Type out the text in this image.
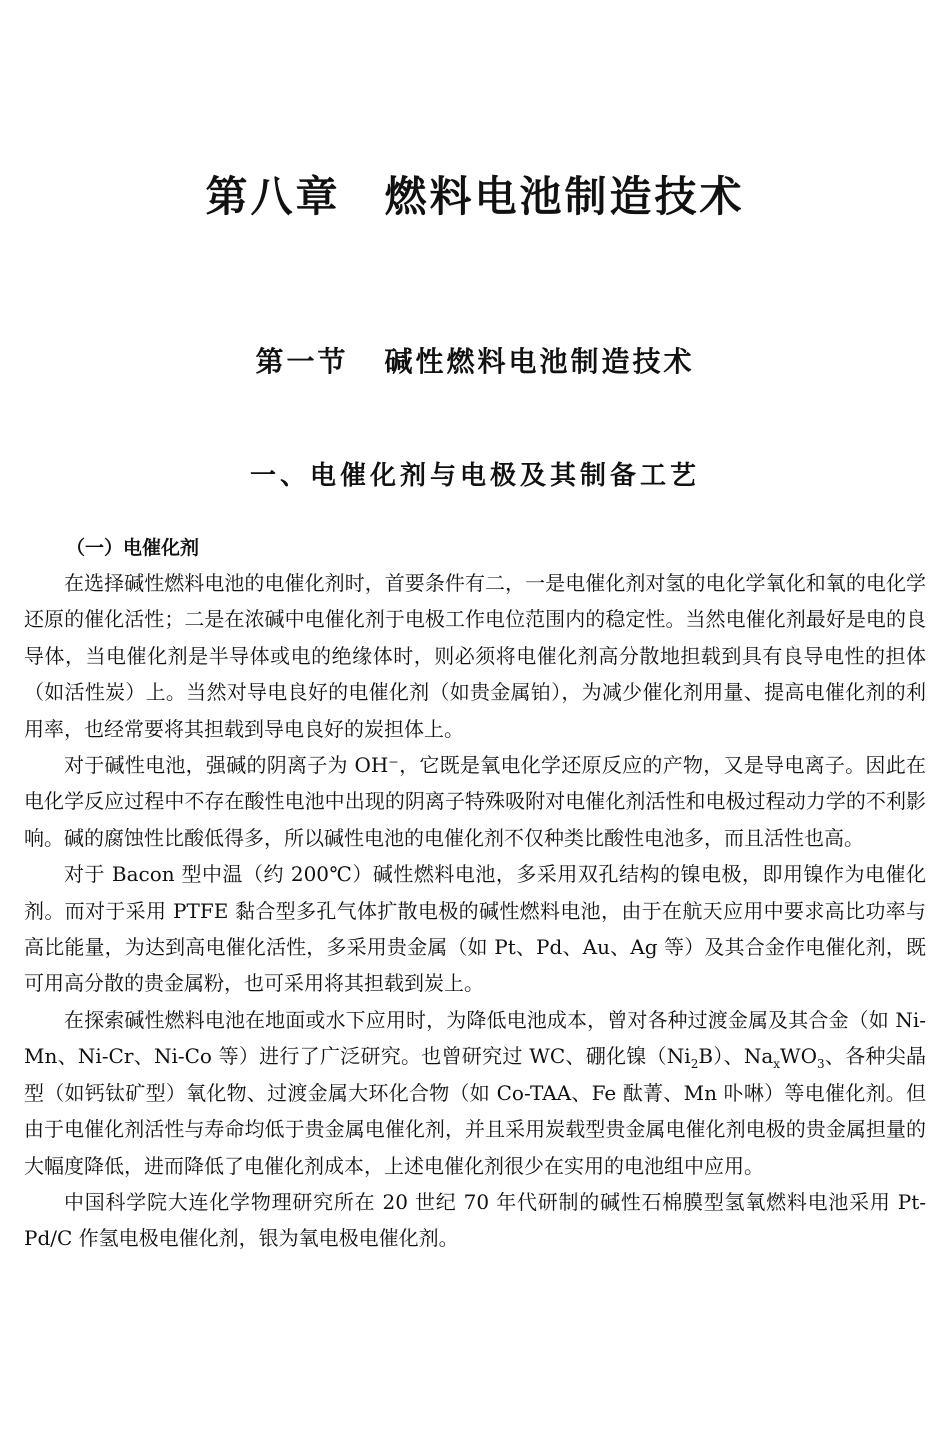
第八章 燃料电池制造技术
第一节 碱性燃料电池制造技术
一、电催化剂与电极及其制备工艺
（一）电催化剂

在选择碱性燃料电池的电催化剂时，首要条件有二，一是电催化剂对氢的电化学氧化和氧的电化学还原的催化活性；二是在浓碱中电催化剂于电极工作电位范围内的稳定性。当然电催化剂最好是电的良导体，当电催化剂是半导体或电的绝缘体时，则必须将电催化剂高分散地担载到具有良导电性的担体（如活性炭）上。当然对导电良好的电催化剂（如贵金属铂），为减少催化剂用量、提高电催化剂的利用率，也经常要将其担载到导电良好的炭担体上。

对于碱性电池，强碱的阴离子为 OH⁻，它既是氧电化学还原反应的产物，又是导电离子。因此在电化学反应过程中不存在酸性电池中出现的阴离子特殊吸附对电催化剂活性和电极过程动力学的不利影响。碱的腐蚀性比酸低得多，所以碱性电池的电催化剂不仅种类比酸性电池多，而且活性也高。

对于 Bacon 型中温（约 200℃）碱性燃料电池，多采用双孔结构的镍电极，即用镍作为电催化剂。而对于采用 PTFE 黏合型多孔气体扩散电极的碱性燃料电池，由于在航天应用中要求高比功率与高比能量，为达到高电催化活性，多采用贵金属（如 Pt、Pd、Au、Ag 等）及其合金作电催化剂，既可用高分散的贵金属粉，也可采用将其担载到炭上。

在探索碱性燃料电池在地面或水下应用时，为降低电池成本，曾对各种过渡金属及其合金（如 Ni-Mn、Ni-Cr、Ni-Co 等）进行了广泛研究。也曾研究过 WC、硼化镍$(Ni_2B)$、$Na_xWO_3$、各种尖晶型（如钙钛矿型）氧化物、过渡金属大环化合物（如 Co-TAA、Fe 酞菁、Mn 卟啉）等电催化剂。但由于电催化剂活性与寿命均低于贵金属电催化剂，并且采用炭载型贵金属电催化剂电极的贵金属担量的大幅度降低，进而降低了电催化剂成本，上述电催化剂很少在实用的电池组中应用。

中国科学院大连化学物理研究所在 20 世纪 70 年代研制的碱性石棉膜型氢氧燃料电池采用 Pt-Pd/C 作氢电极电催化剂，银为氧电极电催化剂。
